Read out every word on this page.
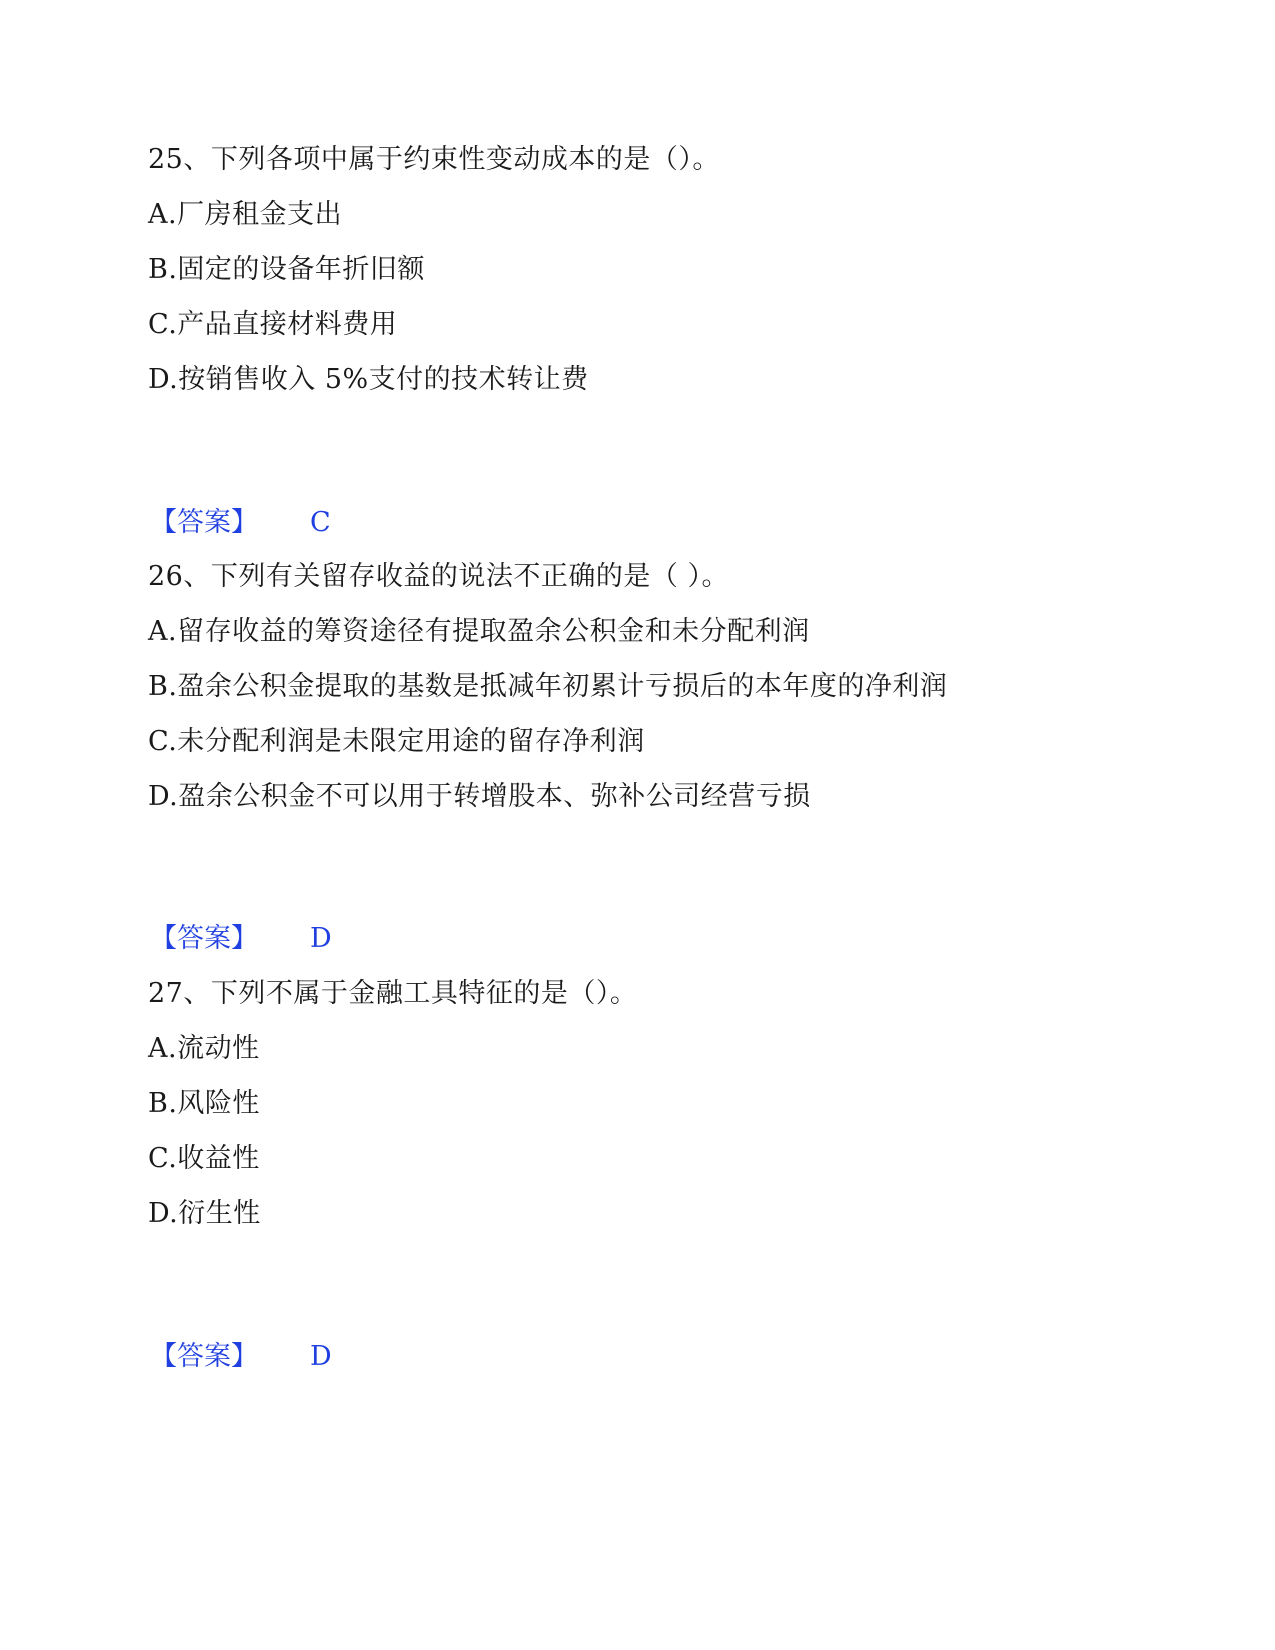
25、下列各项中属于约束性变动成本的是（）。
A.厂房租金支出
B.固定的设备年折旧额
C.产品直接材料费用
D.按销售收入 5%支付的技术转让费
【答案】 C
26、下列有关留存收益的说法不正确的是（ ）。
A.留存收益的筹资途径有提取盈余公积金和未分配利润
B.盈余公积金提取的基数是抵减年初累计亏损后的本年度的净利润
C.未分配利润是未限定用途的留存净利润
D.盈余公积金不可以用于转增股本、弥补公司经营亏损
【答案】 D
27、下列不属于金融工具特征的是（）。
A.流动性
B.风险性
C.收益性
D.衍生性
【答案】 D
